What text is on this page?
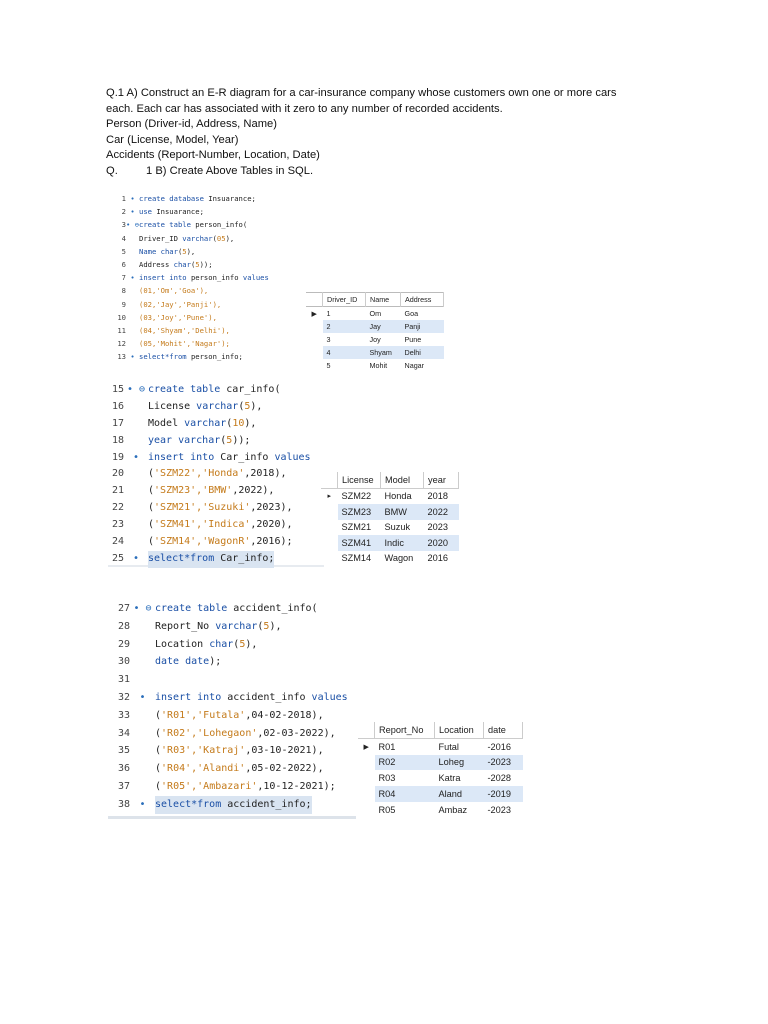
Q.1 A) Construct an E-R diagram for a car-insurance company whose customers own one or more cars
each. Each car has associated with it zero to any number of recorded accidents.
Person (Driver-id, Address, Name)
Car (License, Model, Year)
Accidents (Report-Number, Location, Date)
Q.	1 B) Create Above Tables in SQL.
1 • create database Insuarance;
2 • use Insuarance;
3• ⊖create table person_info(
4 Driver_ID varchar(05),
5 Name char(5),
6 Address char(5));
7 • insert into person_info values
8 (01,'Om','Goa'),
9 (02,'Jay','Panji'),
10 (03,'Joy','Pune'),
11 (04,'Shyam','Delhi'),
12 (05,'Mohit','Nagar');
13 • select*from person_info;
15 • ⊖ create table car_info(
16 License varchar(5),
17 Model varchar(10),
18 year varchar(5));
19 • insert into Car_info values
20 ('SZM22','Honda',2018),
21 ('SZM23','BMW',2022),
22 ('SZM21','Suzuki',2023),
23 ('SZM41','Indica',2020),
24 ('SZM14','WagonR',2016);
25 • select*from Car_info;
27 • ⊖ create table accident_info(
28	Report_No varchar(5),
29	Location char(5),
30	date date);
31
32 • insert into accident_info values
33	('R01','Futala',04-02-2018),
34	('R02','Lohegaon',02-03-2022),
35	('R03','Katraj',03-10-2021),
36	('R04','Alandi',05-02-2022),
37	('R05','Ambazari',10-12-2021);
38 • select*from accident_info;
	Driver_ID	Name	Address
▶	1	Om	Goa
	2	Jay	Panji
	3	Joy	Pune
	4	Shyam	Delhi
	5	Mohit	Nagar
	License	Model	year
▸	SZM22	Honda	2018
	SZM23	BMW	2022
	SZM21	Suzuk	2023
	SZM41	Indic	2020
	SZM14	Wagon	2016
	Report_No	Location	date
▶	R01	Futal	-2016
	R02	Loheg	-2023
	R03	Katra	-2028
	R04	Aland	-2019
	R05	Ambaz	-2023
